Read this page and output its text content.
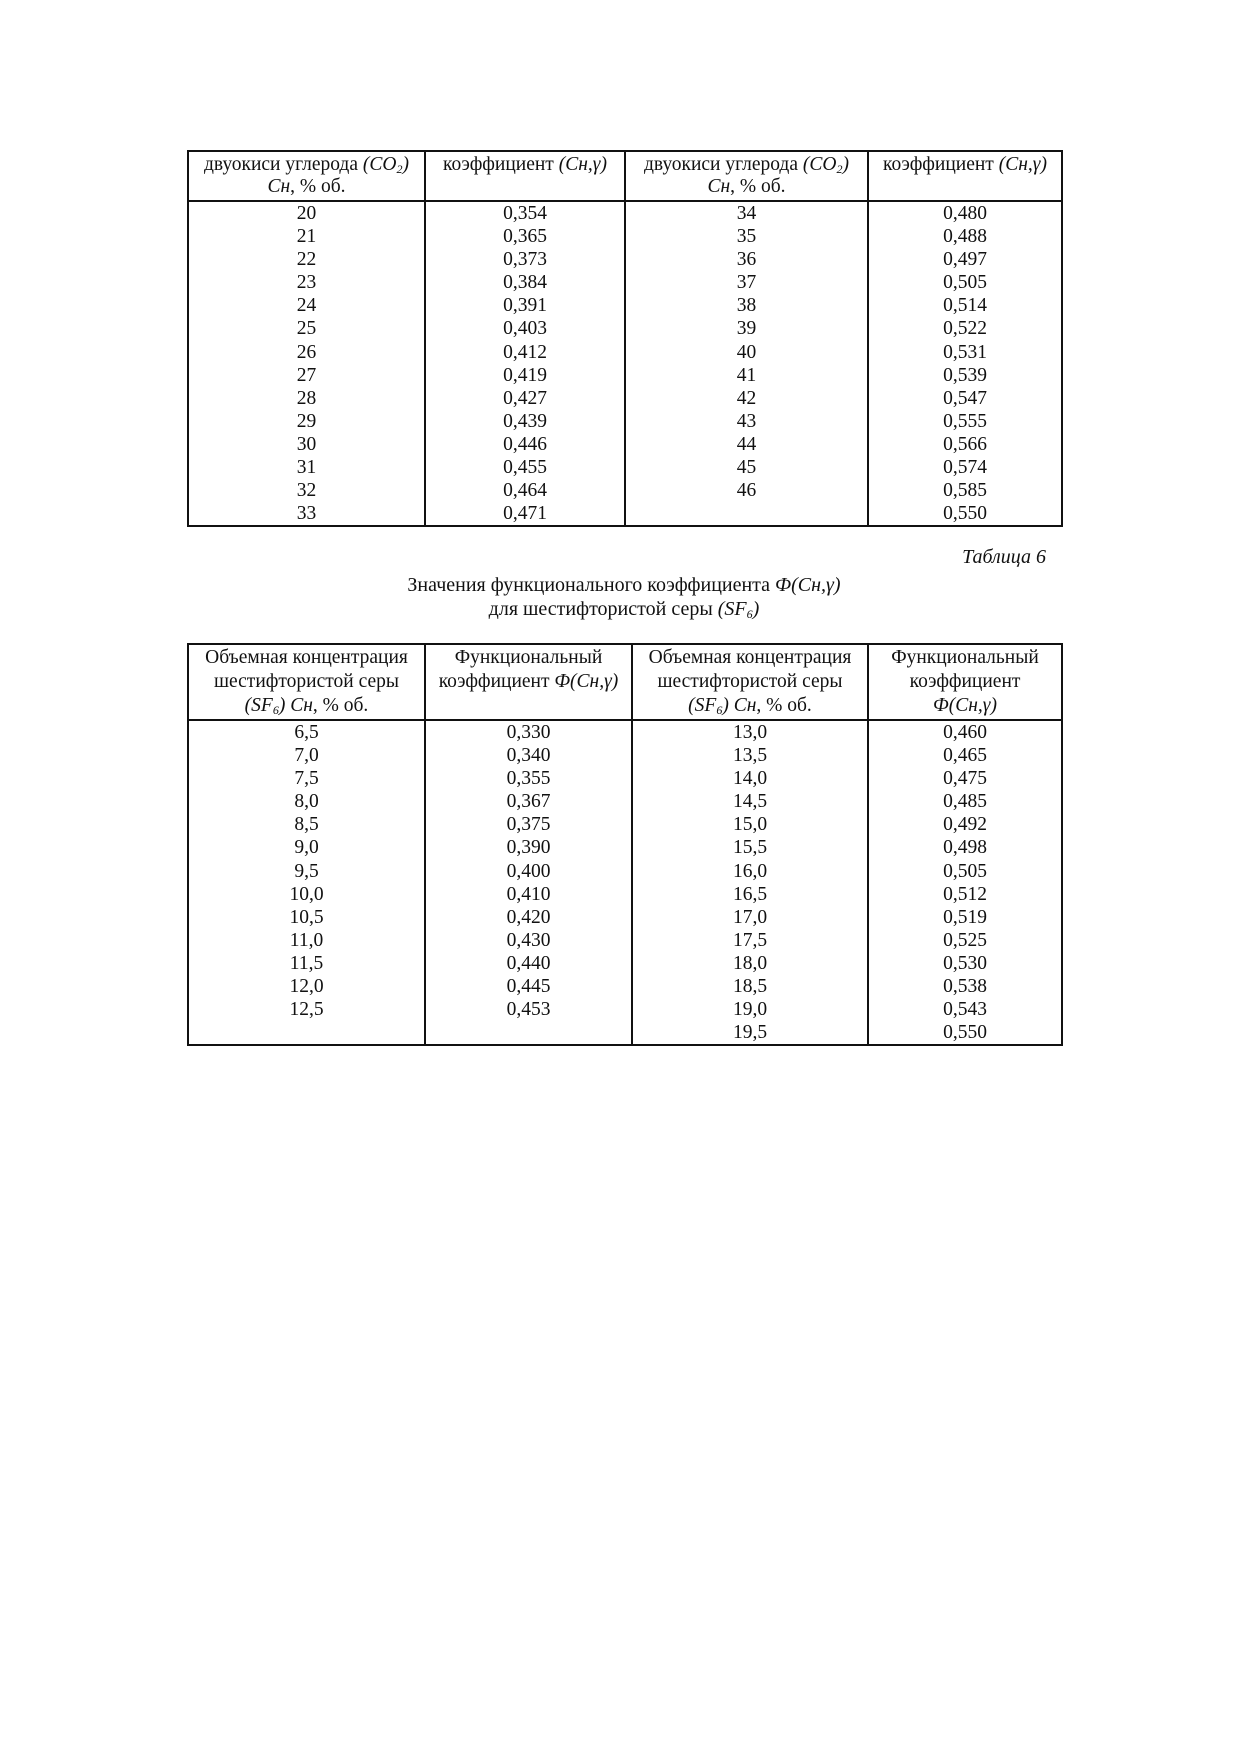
двуокиси углерода $(CO_2)$
Cн, % об.	коэффициент (Cн,γ)	двуокиси углерода $(CO_2)$
Cн, % об.	коэффициент (Cн,γ)
20	0,354	34	0,480
21	0,365	35	0,488
22	0,373	36	0,497
23	0,384	37	0,505
24	0,391	38	0,514
25	0,403	39	0,522
26	0,412	40	0,531
27	0,419	41	0,539
28	0,427	42	0,547
29	0,439	43	0,555
30	0,446	44	0,566
31	0,455	45	0,574
32	0,464	46	0,585
33	0,471		0,550
Таблица 6
Значения функционального коэффициента Ф(Cн,γ)
для шестифтористой серы $(SF_6)$
Объемная концентрация
шестифтористой серы
$(SF_6)$ Cн, % об.	Функциональный
коэффициент Ф(Cн,γ)	Объемная концентрация
шестифтористой серы
$(SF_6)$ Cн, % об.	Функциональный
коэффициент
Ф(Cн,γ)
6,5	0,330	13,0	0,460
7,0	0,340	13,5	0,465
7,5	0,355	14,0	0,475
8,0	0,367	14,5	0,485
8,5	0,375	15,0	0,492
9,0	0,390	15,5	0,498
9,5	0,400	16,0	0,505
10,0	0,410	16,5	0,512
10,5	0,420	17,0	0,519
11,0	0,430	17,5	0,525
11,5	0,440	18,0	0,530
12,0	0,445	18,5	0,538
12,5	0,453	19,0	0,543
		19,5	0,550
